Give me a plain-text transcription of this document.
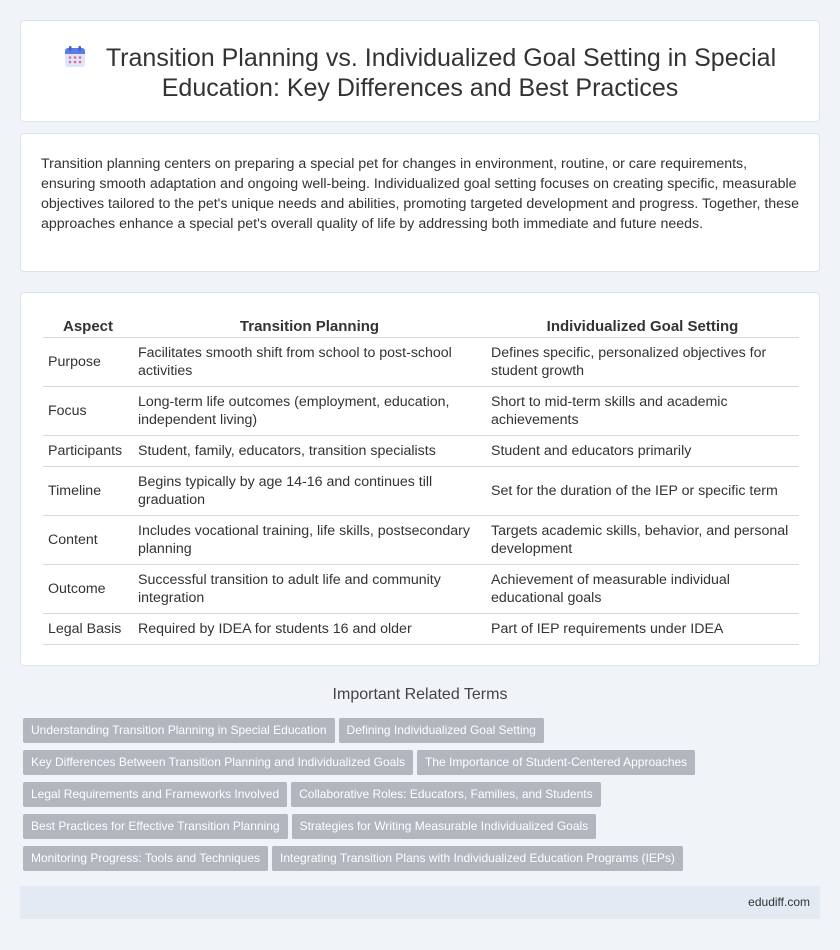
Transition Planning vs. Individualized Goal Setting in Special Education: Key Differences and Best Practices

Transition planning centers on preparing a special pet for changes in environment, routine, or care requirements, ensuring smooth adaptation and ongoing well-being. Individualized goal setting focuses on creating specific, measurable objectives tailored to the pet's unique needs and abilities, promoting targeted development and progress. Together, these approaches enhance a special pet's overall quality of life by addressing both immediate and future needs.

Aspect	Transition Planning	Individualized Goal Setting
Purpose	Facilitates smooth shift from school to post-school activities	Defines specific, personalized objectives for student growth
Focus	Long-term life outcomes (employment, education, independent living)	Short to mid-term skills and academic achievements
Participants	Student, family, educators, transition specialists	Student and educators primarily
Timeline	Begins typically by age 14-16 and continues till graduation	Set for the duration of the IEP or specific term
Content	Includes vocational training, life skills, postsecondary planning	Targets academic skills, behavior, and personal development
Outcome	Successful transition to adult life and community integration	Achievement of measurable individual educational goals
Legal Basis	Required by IDEA for students 16 and older	Part of IEP requirements under IDEA
Important Related Terms
Understanding Transition Planning in Special Education Defining Individualized Goal Setting
Key Differences Between Transition Planning and Individualized Goals The Importance of Student-Centered Approaches
Legal Requirements and Frameworks Involved Collaborative Roles: Educators, Families, and Students
Best Practices for Effective Transition Planning Strategies for Writing Measurable Individualized Goals
Monitoring Progress: Tools and Techniques Integrating Transition Plans with Individualized Education Programs (IEPs)
edudiff.com
